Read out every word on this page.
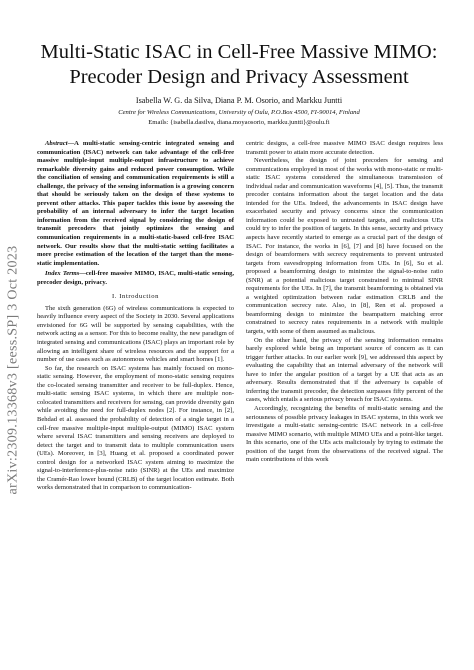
arXiv:2309.13368v3 [eess.SP] 3 Oct 2023
Multi-Static ISAC in Cell-Free Massive MIMO: Precoder Design and Privacy Assessment
Isabella W. G. da Silva, Diana P. M. Osorio, and Markku Juntti
Centre for Wireless Communications, University of Oulu, P.O.Box 4500, FI-90014, Finland
Emails: {isabella.dasilva, diana.moyaosorio, markku.juntti}@oulu.fi

Abstract—A multi-static sensing-centric integrated sensing and communication (ISAC) network can take advantage of the cell-free massive multiple-input multiple-output infrastructure to achieve remarkable diversity gains and reduced power consumption. While the conciliation of sensing and communication requirements is still a challenge, the privacy of the sensing information is a growing concern that should be seriously taken on the design of these systems to prevent other attacks. This paper tackles this issue by assessing the probability of an internal adversary to infer the target location information from the received signal by considering the design of transmit precoders that jointly optimizes the sensing and communication requirements in a multi-static-based cell-free ISAC network. Our results show that the multi-static setting facilitates a more precise estimation of the location of the target than the mono-static implementation.

Index Terms—cell-free massive MIMO, ISAC, multi-static sensing, precoder design, privacy.

I. Introduction

The sixth generation (6G) of wireless communications is expected to heavily influence every aspect of the Society in 2030. Several applications envisioned for 6G will be supported by sensing capabilities, with the network acting as a sensor. For this to become reality, the new paradigm of integrated sensing and communications (ISAC) plays an important role by allowing an intelligent share of wireless resources and the support for a number of use cases such as autonomous vehicles and smart homes [1].

So far, the research on ISAC systems has mainly focused on mono-static sensing. However, the employment of mono-static sensing requires the co-located sensing transmitter and receiver to be full-duplex. Hence, multi-static sensing ISAC systems, in which there are multiple non-colocated transmitters and receivers for sensing, can provide diversity gain while avoiding the need for full-duplex nodes [2]. For instance, in [2], Behdad et al. assessed the probability of detection of a single target in a cell-free massive multiple-input multiple-output (MIMO) ISAC system where several ISAC transmitters and sensing receivers are deployed to detect the target and to transmit data to multiple communication users (UEs). Moreover, in [3], Huang et al. proposed a coordinated power control design for a networked ISAC system aiming to maximize the signal-to-interference-plus-noise ratio (SINR) at the UEs and maximize the Cramér-Rao lower bound (CRLB) of the target location estimate. Both works demonstrated that in comparison to communication-

centric designs, a cell-free massive MIMO ISAC design requires less transmit power to attain more accurate detection.

Nevertheless, the design of joint precoders for sensing and communications employed in most of the works with mono-static or multi-static ISAC systems considered the simultaneous transmission of individual radar and communication waveforms [4], [5]. Thus, the transmit precoder contains information about the target location and the data intended for the UEs. Indeed, the advancements in ISAC design have exacerbated security and privacy concerns since the communication information could be exposed to untrusted targets, and malicious UEs could try to infer the position of targets. In this sense, security and privacy aspects have recently started to emerge as a crucial part of the design of ISAC. For instance, the works in [6], [7] and [8] have focused on the design of beamformers with secrecy requirements to prevent untrusted targets from eavesdropping information from UEs. In [6], Su et al. proposed a beamforming design to minimize the signal-to-noise ratio (SNR) at a potential malicious target constrained to minimal SINR requirements for the UEs. In [7], the transmit beamforming is obtained via a weighted optimization between radar estimation CRLB and the communication secrecy rate. Also, in [8], Ren et al. proposed a beamforming design to minimize the beampattern matching error constrained to secrecy rates requirements in a network with multiple targets, with some of them assumed as malicious.

On the other hand, the privacy of the sensing information remains barely explored while being an important source of concern as it can trigger further attacks. In our earlier work [9], we addressed this aspect by evaluating the capability that an internal adversary of the network will have to infer the angular position of a target by a UE that acts as an adversary. Results demonstrated that if the adversary is capable of inferring the transmit precoder, the detection surpasses fifty percent of the cases, which entails a serious privacy breach for ISAC systems.

Accordingly, recognizing the benefits of multi-static sensing and the seriousness of possible privacy leakages in ISAC systems, in this work we investigate a multi-static sensing-centric ISAC network in a cell-free massive MIMO scenario, with multiple MIMO UEs and a point-like target. In this scenario, one of the UEs acts maliciously by trying to estimate the position of the target from the observations of the received signal. The main contributions of this work
